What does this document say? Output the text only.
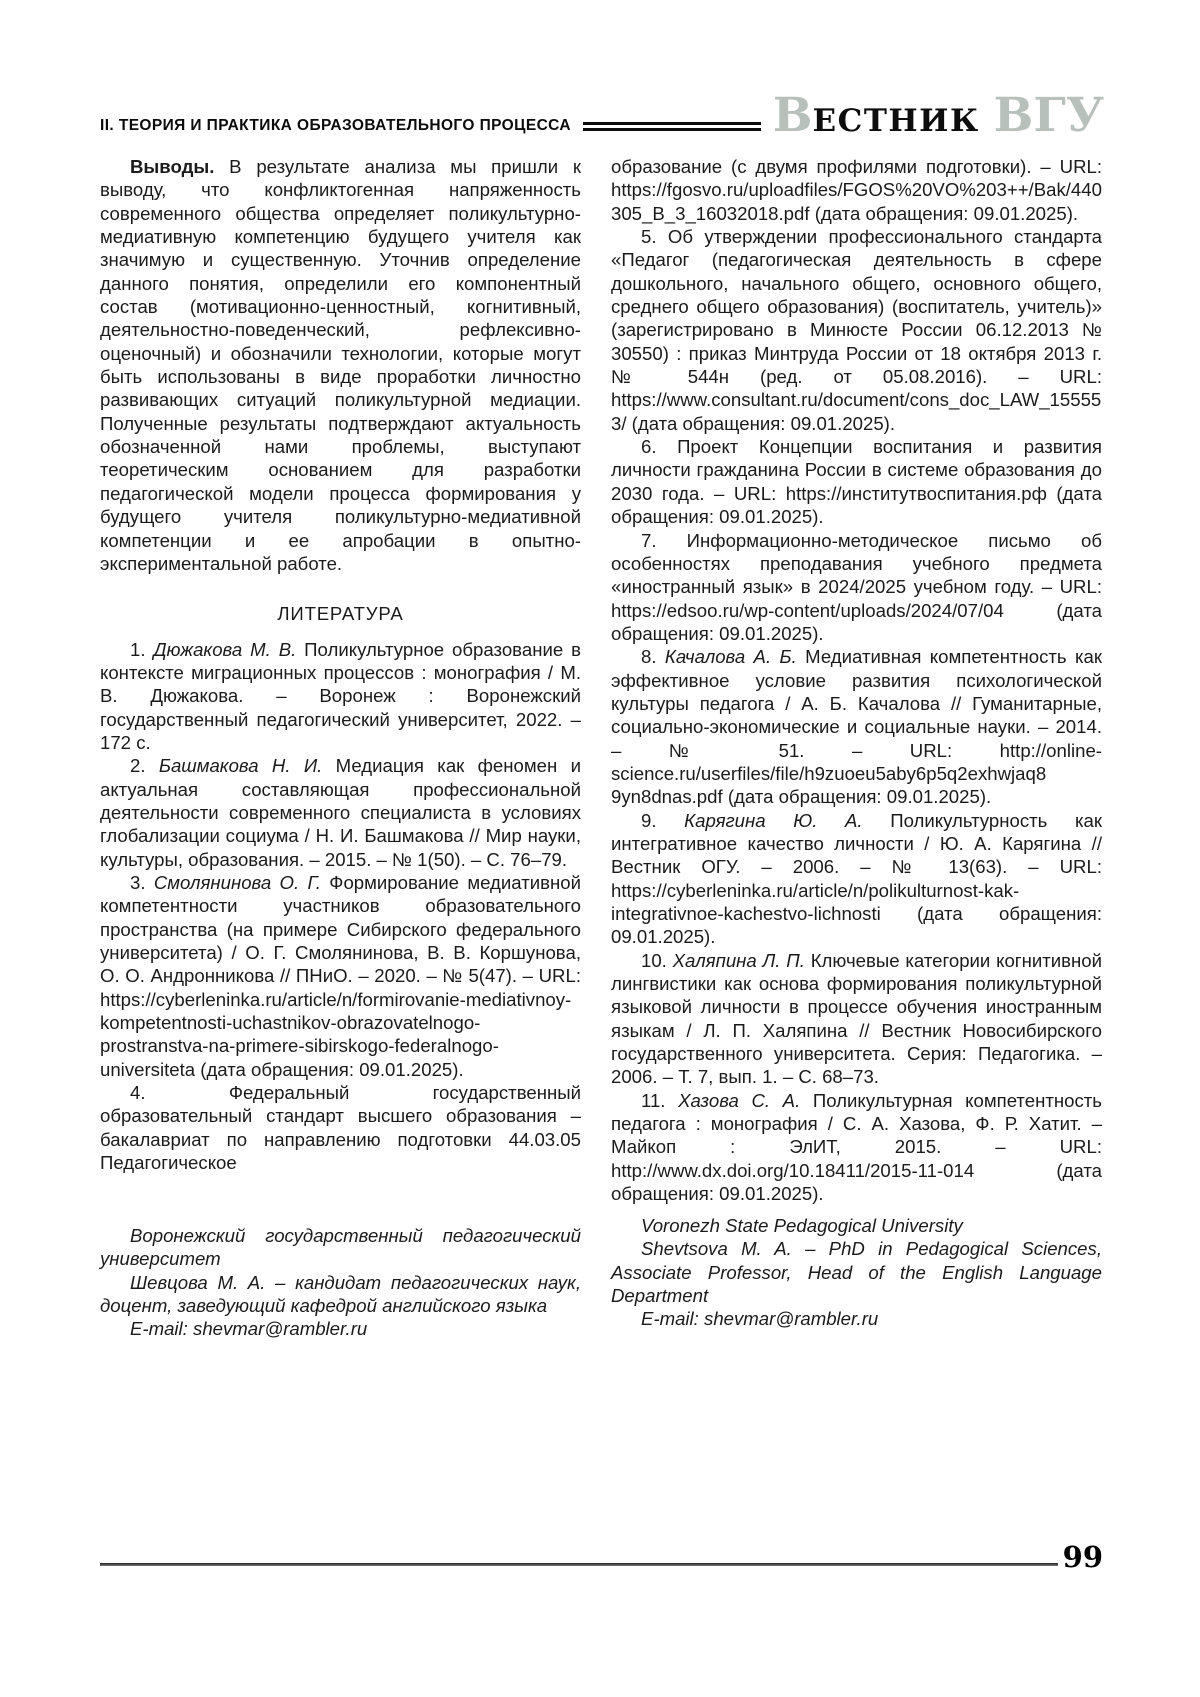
II. ТЕОРИЯ И ПРАКТИКА ОБРАЗОВАТЕЛЬНОГО ПРОЦЕССА	ВЕСТНИК ВГУ

Выводы. В результате анализа мы пришли к выводу, что конфликтогенная напряженность современного общества определяет поликультурно-медиативную компетенцию будущего учителя как значимую и существенную. Уточнив определение данного понятия, определили его компонентный состав (мотивационно-ценностный, когнитивный, деятельностно-поведенческий, рефлексивно-оценочный) и обозначили технологии, которые могут быть использованы в виде проработки личностно развивающих ситуаций поликультурной медиации. Полученные результаты подтверждают актуальность обозначенной нами проблемы, выступают теоретическим основанием для разработки педагогической модели процесса формирования у будущего учителя поликультурно-медиативной компетенции и ее апробации в опытно-экспериментальной работе.

ЛИТЕРАТУРА

1. Дюжакова М. В. Поликультурное образование в контексте миграционных процессов : монография / М. В. Дюжакова. – Воронеж : Воронежский государственный педагогический университет, 2022. – 172 с.

2. Башмакова Н. И. Медиация как феномен и актуальная составляющая профессиональной деятельности современного специалиста в условиях глобализации социума / Н. И. Башмакова // Мир науки, культуры, образования. – 2015. – № 1(50). – С. 76–79.

3. Смолянинова О. Г. Формирование медиативной компетентности участников образовательного пространства (на примере Сибирского федерального университета) / О. Г. Смолянинова, В. В. Коршунова, О. О. Андронникова // ПНиО. – 2020. – № 5(47). – URL: https://cyberleninka.ru/article/n/formirovanie-mediativnoy-kompetentnosti-uchastnikov-obrazovatelnogo-prostranstva-na-primere-sibirskogo-federalnogo-universiteta (дата обращения: 09.01.2025).

4. Федеральный государственный образовательный стандарт высшего образования – бакалавриат по направлению подготовки 44.03.05 Педагогическое

образование (с двумя профилями подготовки). – URL: https://fgosvo.ru/uploadfiles/FGOS%20VO%203++/Bak/440305_B_3_16032018.pdf (дата обращения: 09.01.2025).

5. Об утверждении профессионального стандарта «Педагог (педагогическая деятельность в сфере дошкольного, начального общего, основного общего, среднего общего образования) (воспитатель, учитель)» (зарегистрировано в Минюсте России 06.12.2013 № 30550) : приказ Минтруда России от 18 октября 2013 г. № 544н (ред. от 05.08.2016). – URL: https://www.consultant.ru/document/cons_doc_LAW_155553/ (дата обращения: 09.01.2025).

6. Проект Концепции воспитания и развития личности гражданина России в системе образования до 2030 года. – URL: https://институтвоспитания.рф (дата обращения: 09.01.2025).

7. Информационно-методическое письмо об особенностях преподавания учебного предмета «иностранный язык» в 2024/2025 учебном году. – URL: https://edsoo.ru/wp-content/uploads/2024/07/04 (дата обращения: 09.01.2025).

8. Качалова А. Б. Медиативная компетентность как эффективное условие развития психологической культуры педагога / А. Б. Качалова // Гуманитарные, социально-экономические и социальные науки. – 2014. – № 51. – URL: http://online-science.ru/userfiles/file/h9zuoeu5aby6p5q2exhwjaq8 9yn8dnas.pdf (дата обращения: 09.01.2025).

9. Карягина Ю. А. Поликультурность как интегративное качество личности / Ю. А. Карягина // Вестник ОГУ. – 2006. – № 13(63). – URL: https://cyberleninka.ru/article/n/polikulturnost-kak-integrativnoe-kachestvo-lichnosti (дата обращения: 09.01.2025).

10. Халяпина Л. П. Ключевые категории когнитивной лингвистики как основа формирования поликультурной языковой личности в процессе обучения иностранным языкам / Л. П. Халяпина // Вестник Новосибирского государственного университета. Серия: Педагогика. – 2006. – Т. 7, вып. 1. – С. 68–73.

11. Хазова С. А. Поликультурная компетентность педагога : монография / С. А. Хазова, Ф. Р. Хатит. – Майкоп : ЭлИТ, 2015. – URL: http://www.dx.doi.org/10.18411/2015-11-014 (дата обращения: 09.01.2025).

Воронежский государственный педагогический университет

Шевцова М. А. – кандидат педагогических наук, доцент, заведующий кафедрой английского языка

E-mail: shevmar@rambler.ru

Voronezh State Pedagogical University

Shevtsova M. A. – PhD in Pedagogical Sciences, Associate Professor, Head of the English Language Department

E-mail: shevmar@rambler.ru

99
